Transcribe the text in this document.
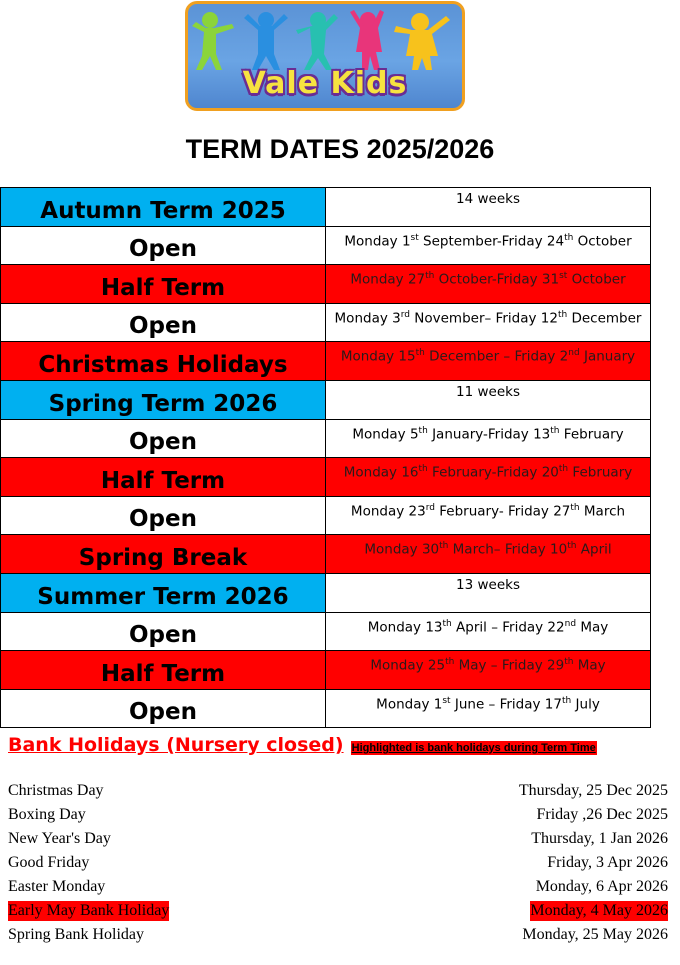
Vale Kids
TERM DATES 2025/2026
Autumn Term 2025	14 weeks
Open	Monday 1st September-Friday 24th October
Half Term	Monday 27th October-Friday 31st October
Open	Monday 3rd November– Friday 12th December
Christmas Holidays	Monday 15th December – Friday 2nd January
Spring Term 2026	11 weeks
Open	Monday 5th January-Friday 13th February
Half Term	Monday 16th February-Friday 20th February
Open	Monday 23rd February- Friday 27th March
Spring Break	Monday 30th March– Friday 10th April
Summer Term 2026	13 weeks
Open	Monday 13th April – Friday 22nd May
Half Term	Monday 25th May – Friday 29th May
Open	Monday 1st June – Friday 17th July
Bank Holidays (Nursery closed) Highlighted is bank holidays during Term Time
Christmas Day	Thursday, 25 Dec 2025
Boxing Day	Friday ,26 Dec 2025
New Year's Day	Thursday, 1 Jan 2026
Good Friday	Friday, 3 Apr 2026
Easter Monday	Monday, 6 Apr 2026
Early May Bank Holiday	Monday, 4 May 2026
Spring Bank Holiday	Monday, 25 May 2026
